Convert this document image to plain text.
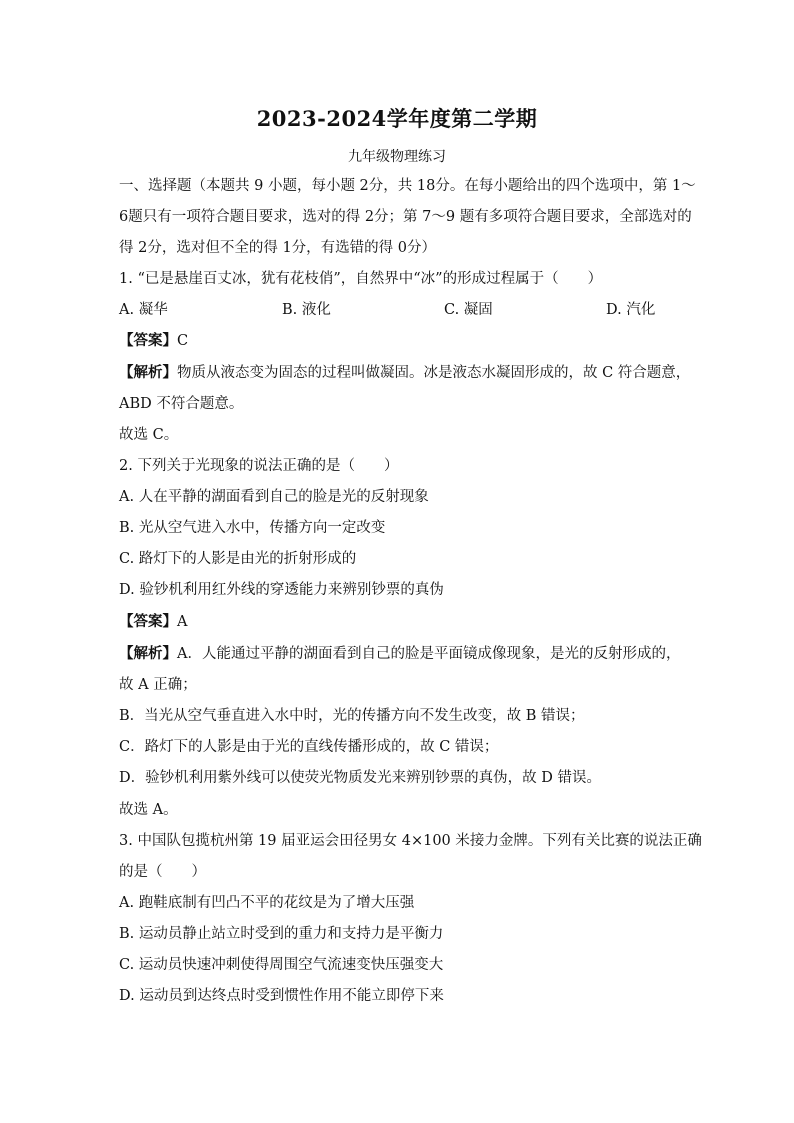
2023-2024学年度第二学期
九年级物理练习
一、选择题（本题共 9 小题，每小题 2分，共 18分。在每小题给出的四个选项中，第 1～
6题只有一项符合题目要求，选对的得 2分；第 7～9 题有多项符合题目要求，全部选对的
得 2分，选对但不全的得 1分，有选错的得 0分）
1. “已是悬崖百丈冰，犹有花枝俏”，自然界中“冰”的形成过程属于（　　）
A. 凝华	B. 液化	C. 凝固	D. 汽化
【答案】C
【解析】物质从液态变为固态的过程叫做凝固。冰是液态水凝固形成的，故 C 符合题意，
ABD 不符合题意。
故选 C。
2. 下列关于光现象的说法正确的是（　　）
A. 人在平静的湖面看到自己的脸是光的反射现象
B. 光从空气进入水中，传播方向一定改变
C. 路灯下的人影是由光的折射形成的
D. 验钞机利用红外线的穿透能力来辨别钞票的真伪
【答案】A
【解析】A．人能通过平静的湖面看到自己的脸是平面镜成像现象，是光的反射形成的，
故 A 正确；
B．当光从空气垂直进入水中时，光的传播方向不发生改变，故 B 错误；
C．路灯下的人影是由于光的直线传播形成的，故 C 错误；
D．验钞机利用紫外线可以使荧光物质发光来辨别钞票的真伪，故 D 错误。
故选 A。
3. 中国队包揽杭州第 19 届亚运会田径男女 4×100 米接力金牌。下列有关比赛的说法正确
的是（　　）
A. 跑鞋底制有凹凸不平的花纹是为了增大压强
B. 运动员静止站立时受到的重力和支持力是平衡力
C. 运动员快速冲刺使得周围空气流速变快压强变大
D. 运动员到达终点时受到惯性作用不能立即停下来
